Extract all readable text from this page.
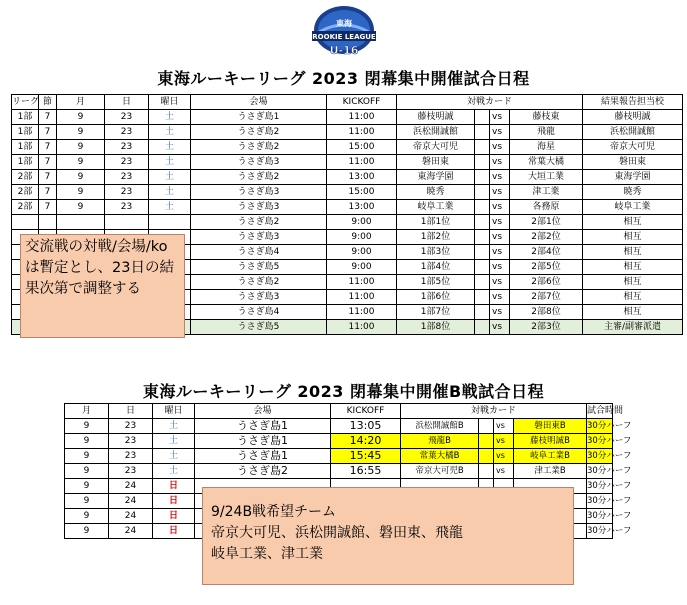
東海
ROOKIE LEAGUE
U-16
東海ルーキーリーグ 2023 閉幕集中開催試合日程
リーグ	節	月	日	曜日	会場	KICKOFF	対戦カード				結果報告担当校
1部	7	9	23	土	うさぎ島1	11:00	藤枝明誠		vs	藤枝東	藤枝明誠
1部	7	9	23	土	うさぎ島2	11:00	浜松開誠館		vs	飛龍	浜松開誠館
1部	7	9	23	土	うさぎ島2	15:00	帝京大可児		vs	海星	帝京大可児
1部	7	9	23	土	うさぎ島3	11:00	磐田東		vs	常葉大橘	磐田東
2部	7	9	23	土	うさぎ島2	13:00	東海学園		vs	大垣工業	東海学園
2部	7	9	23	土	うさぎ島3	15:00	暁秀		vs	津工業	暁秀
2部	7	9	23	土	うさぎ島3	13:00	岐阜工業		vs	各務原	岐阜工業
					うさぎ島2	9:00	1部1位		vs	2部1位	相互
					うさぎ島3	9:00	1部2位		vs	2部2位	相互
					うさぎ島4	9:00	1部3位		vs	2部4位	相互
					うさぎ島5	9:00	1部4位		vs	2部5位	相互
					うさぎ島2	11:00	1部5位		vs	2部6位	相互
					うさぎ島3	11:00	1部6位		vs	2部7位	相互
					うさぎ島4	11:00	1部7位		vs	2部8位	相互
					うさぎ島5	11:00	1部8位		vs	2部3位	主審/副審派遣
交流戦の対戦/会場/koは暫定とし、23日の結果次第で調整する
東海ルーキーリーグ 2023 閉幕集中開催B戦試合日程
月	日	曜日	会場	KICKOFF	対戦カード				試合時間
9	23	土	うさぎ島1	13:05	浜松開誠館B		vs	磐田東B	30分ハーフ
9	23	土	うさぎ島1	14:20	飛龍B		vs	藤枝明誠B	30分ハーフ
9	23	土	うさぎ島1	15:45	常葉大橘B		vs	岐阜工業B	30分ハーフ
9	23	土	うさぎ島2	16:55	帝京大可児B		vs	津工業B	30分ハーフ
9	24	日							30分ハーフ
9	24	日							30分ハーフ
9	24	日							30分ハーフ
9	24	日							30分ハーフ
9/24B戦希望チーム
帝京大可児、浜松開誠館、磐田東、飛龍
岐阜工業、津工業
